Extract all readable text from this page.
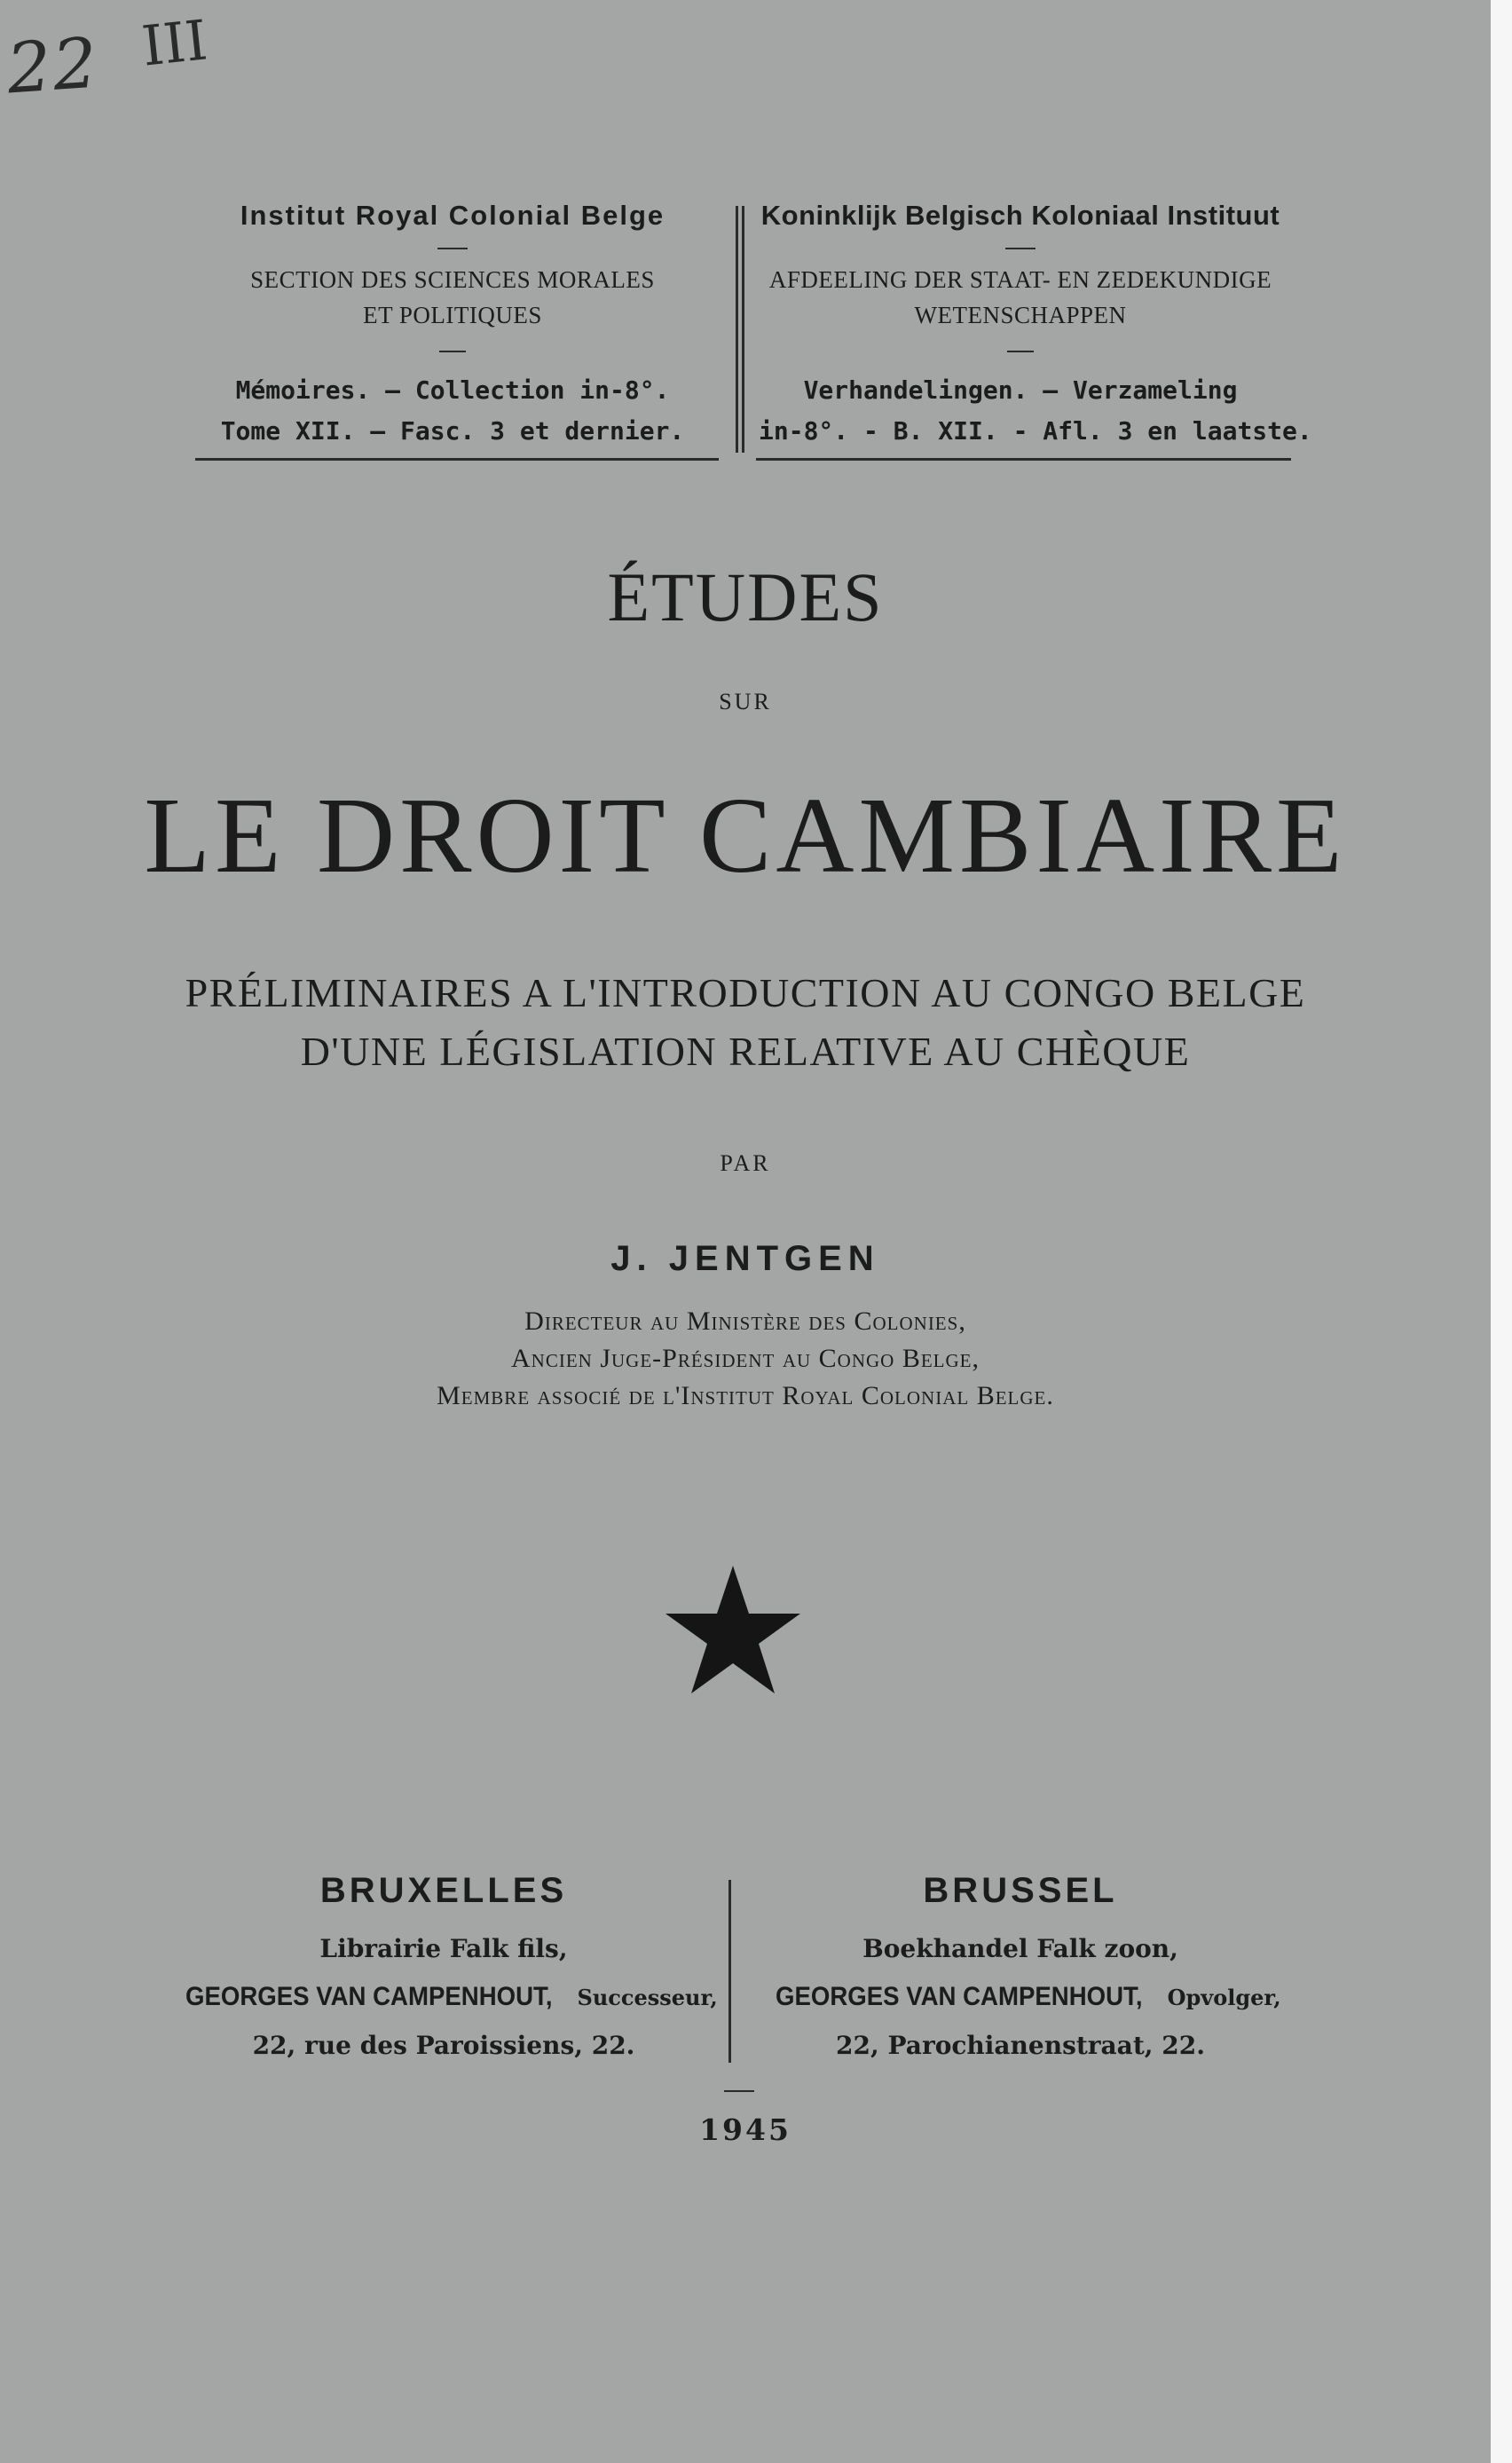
22 III
Institut Royal Colonial Belge
SECTION DES SCIENCES MORALES
ET POLITIQUES
Mémoires. — Collection in-8°.
Tome XII. — Fasc. 3 et dernier.
Koninklijk Belgisch Koloniaal Instituut
AFDEELING DER STAAT- EN ZEDEKUNDIGE
WETENSCHAPPEN
Verhandelingen. — Verzameling
in-8°. - B. XII. - Afl. 3 en laatste.
ÉTUDES
SUR
LE DROIT CAMBIAIRE
PRÉLIMINAIRES A L'INTRODUCTION AU CONGO BELGE
D'UNE LÉGISLATION RELATIVE AU CHÈQUE
PAR
J. JENTGEN
Directeur au Ministère des Colonies,
Ancien Juge-Président au Congo Belge,
Membre associé de l'Institut Royal Colonial Belge.
BRUXELLES
Librairie Falk fils,
GEORGES VAN CAMPENHOUT, Successeur,
22, rue des Paroissiens, 22.
BRUSSEL
Boekhandel Falk zoon,
GEORGES VAN CAMPENHOUT, Opvolger,
22, Parochianenstraat, 22.
1945
